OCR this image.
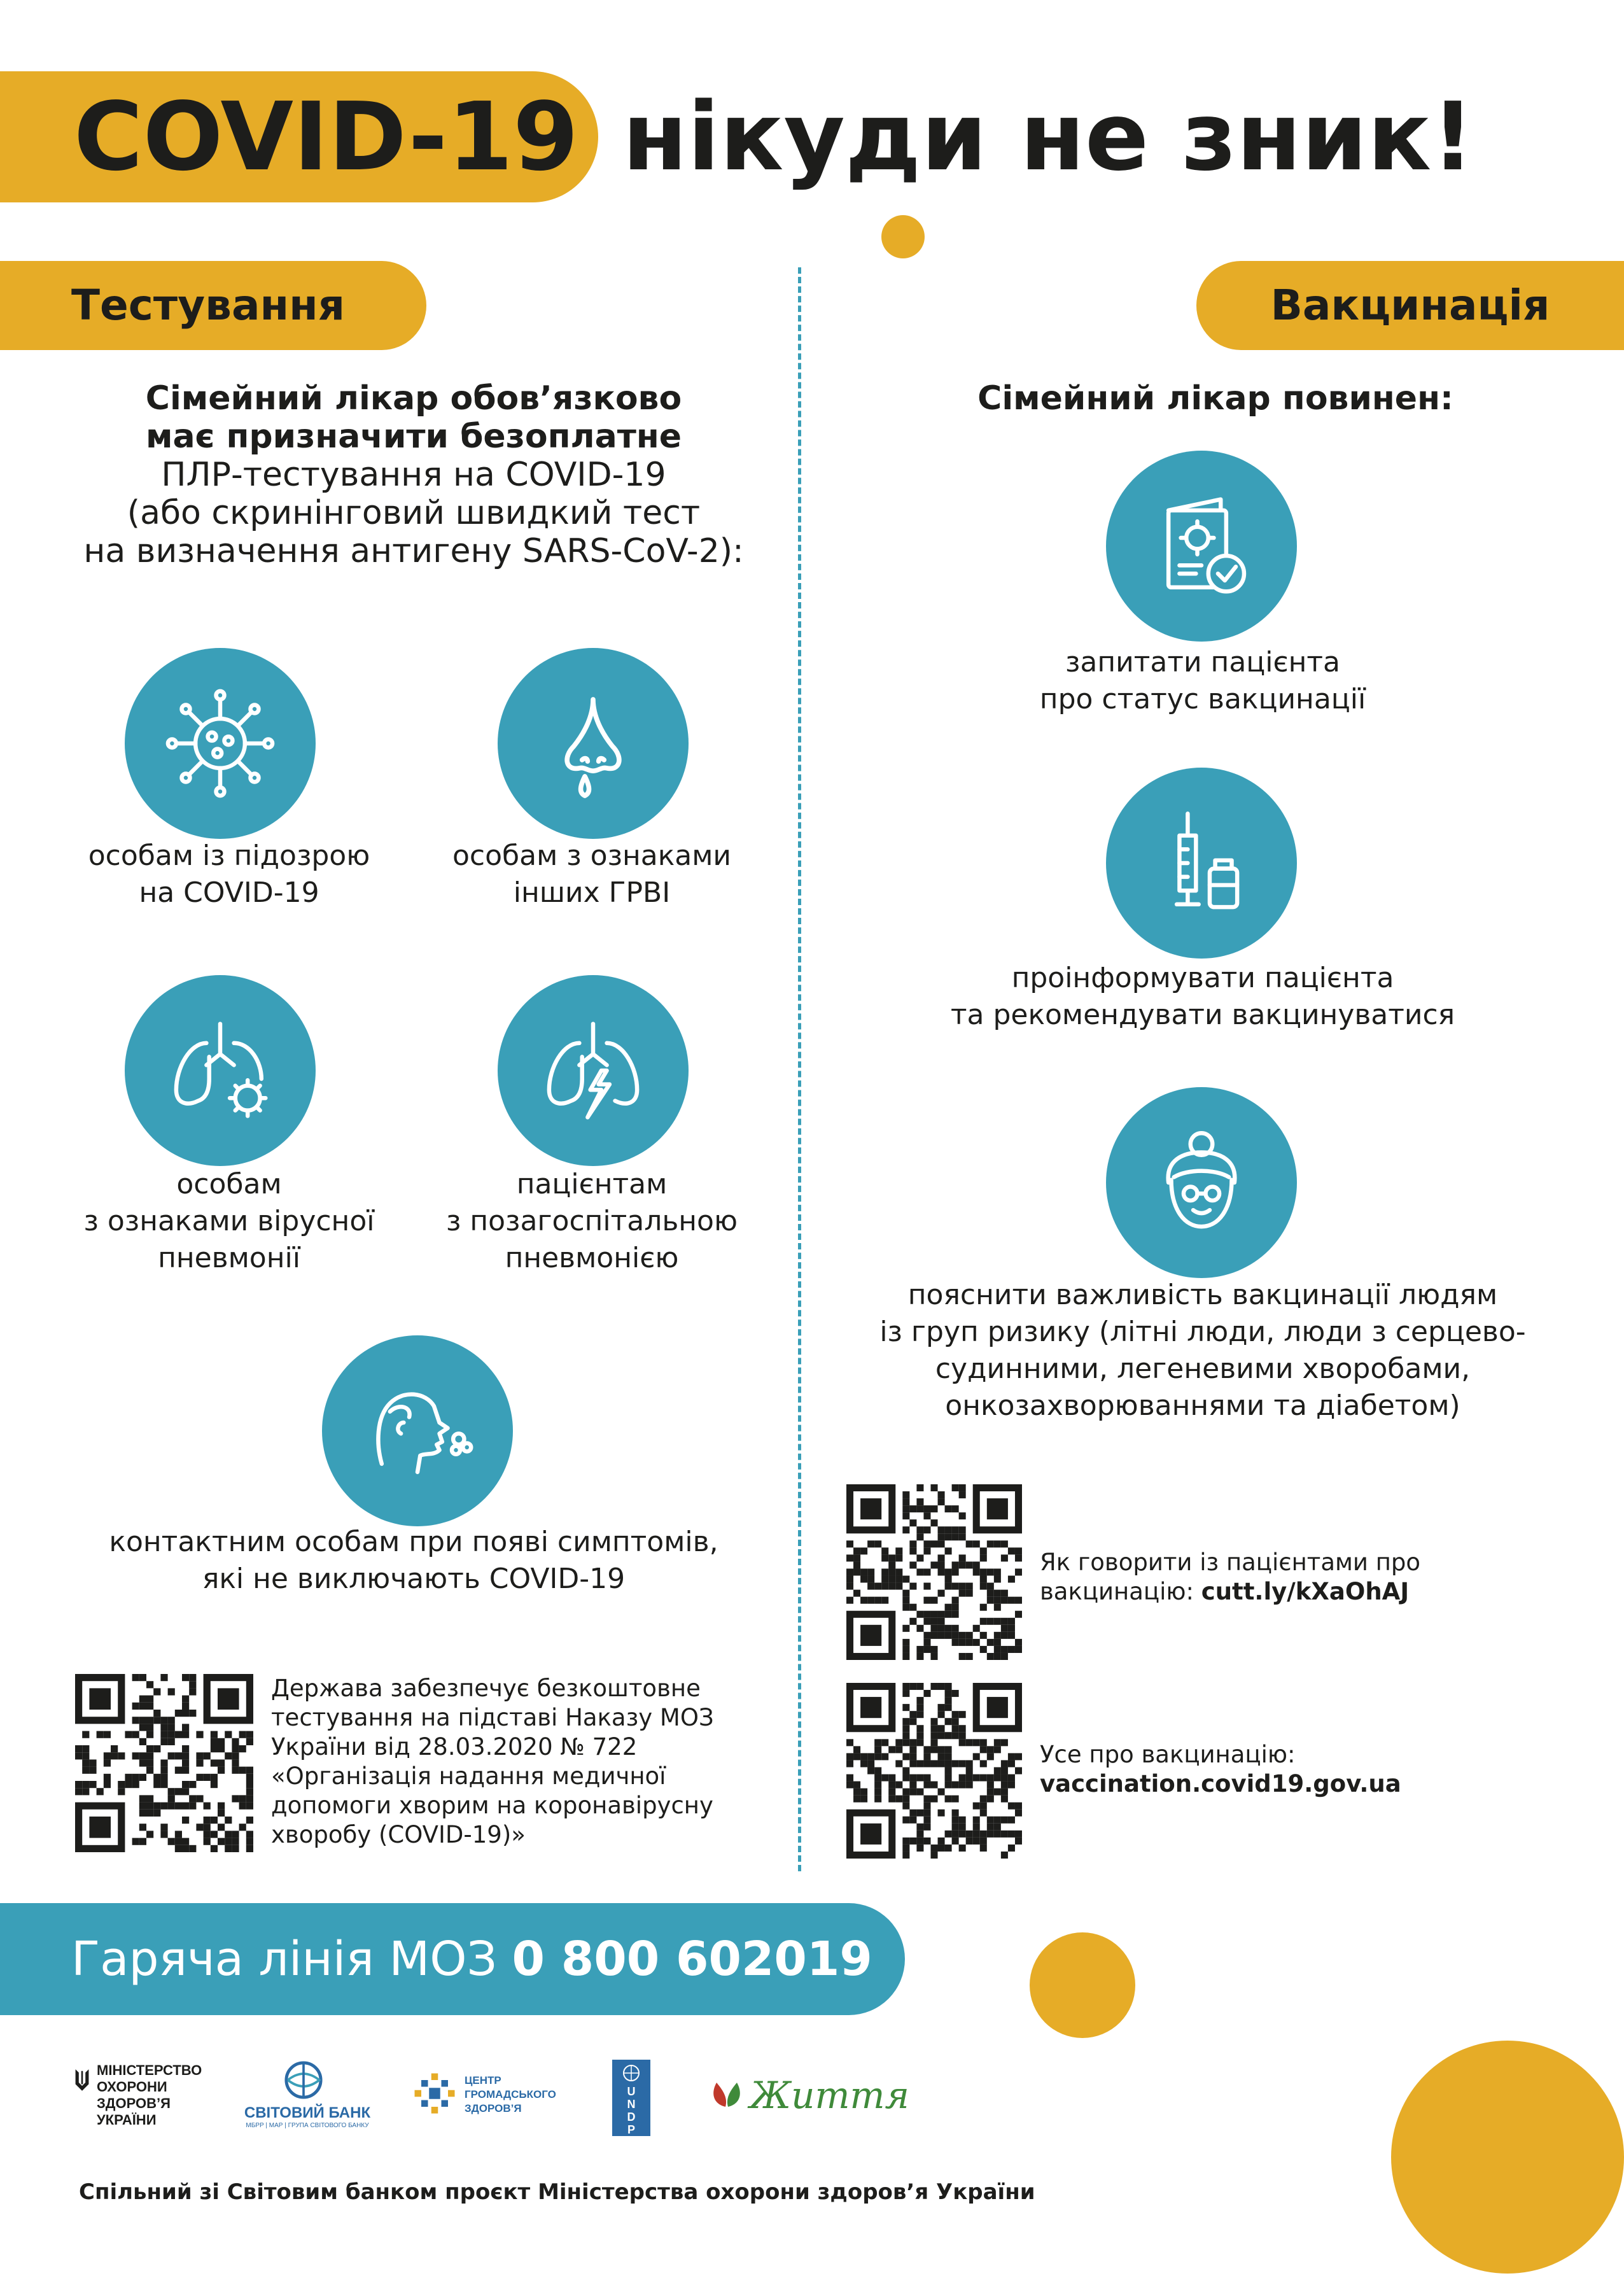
COVID-19 нікуди не зник!
Тестування	Вакцинація
Сімейний лікар обов’язково
має призначити безоплатне
ПЛР-тестування на COVID-19
(або скринінговий швидкий тест
на визначення антигену SARS-CoV-2):
особам із підозрою
на COVID-19
особам з ознаками
інших ГРВІ
особам
з ознаками вірусної
пневмонії
пацієнтам
з позагоспітальною
пневмонією
контактним особам при появі симптомів,
які не виключають COVID-19
Держава забезпечує безкоштовне
тестування на підставі Наказу МОЗ
України від 28.03.2020 № 722
«Організація надання медичної
допомоги хворим на коронавірусну
хворобу (COVID-19)»
Сімейний лікар повинен:
запитати пацієнта
про статус вакцинації
проінформувати пацієнта
та рекомендувати вакцинуватися
пояснити важливість вакцинації людям
із груп ризику (літні люди, люди з серцево-
судинними, легеневими хворобами,
онкозахворюваннями та діабетом)
Як говорити із пацієнтами про
вакцинацію: cutt.ly/kXaOhAJ
Усе про вакцинацію:
vaccination.covid19.gov.ua
Гаряча лінія МОЗ 0 800 602019
МІНІСТЕРСТВО
ОХОРОНИ
ЗДОРОВ’Я
УКРАЇНИ	СВІТОВИЙ БАНК
МБРР | МАР | ГРУПА СВІТОВОГО БАНКУ
ЦЕНТР
ГРОМАДСЬКОГО
ЗДОРОВ’Я
U
N
D
P
Життя
Спільний зі Світовим банком проєкт Міністерства охорони здоров’я України
